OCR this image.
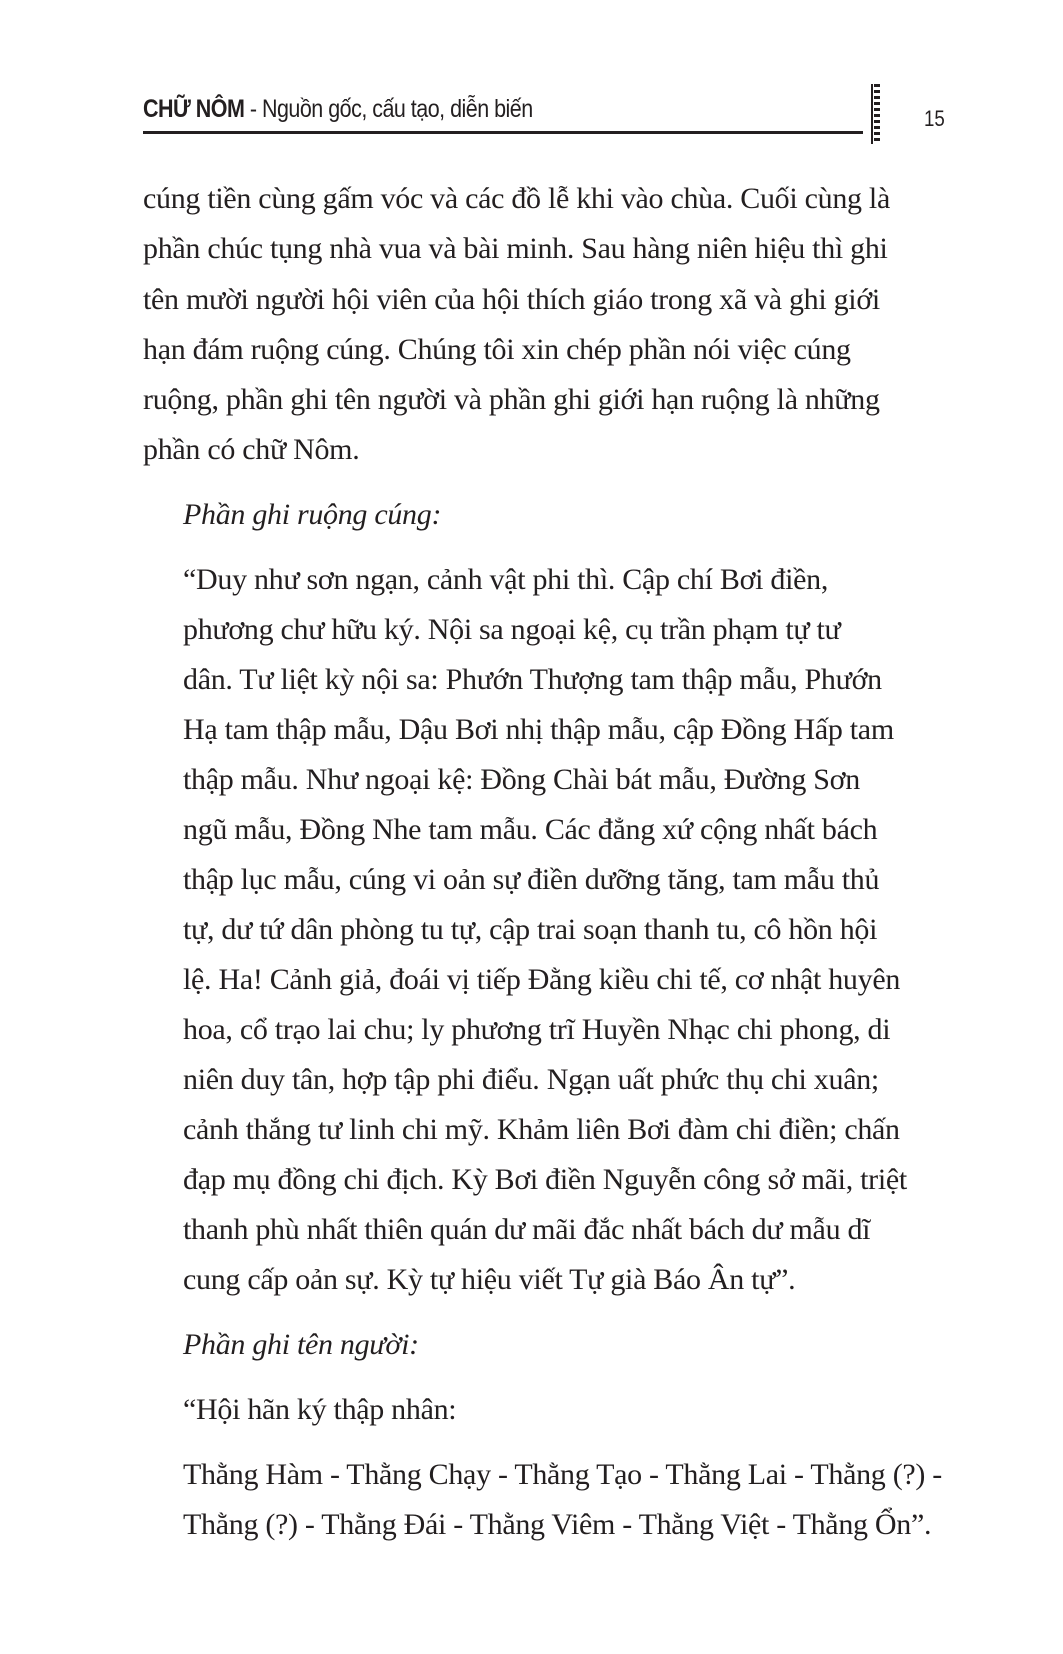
CHỮ NÔM - Nguồn gốc, cấu tạo, diễn biến	15
cúng tiền cùng gấm vóc và các đồ lễ khi vào chùa. Cuối cùng là
phần chúc tụng nhà vua và bài minh. Sau hàng niên hiệu thì ghi
tên mười người hội viên của hội thích giáo trong xã và ghi giới
hạn đám ruộng cúng. Chúng tôi xin chép phần nói việc cúng
ruộng, phần ghi tên người và phần ghi giới hạn ruộng là những
phần có chữ Nôm.
Phần ghi ruộng cúng:
“Duy như sơn ngạn, cảnh vật phi thì. Cập chí Bơi điền,
phương chư hữu ký. Nội sa ngoại kệ, cụ trần phạm tự tư
dân. Tư liệt kỳ nội sa: Phướn Thượng tam thập mẫu, Phướn
Hạ tam thập mẫu, Dậu Bơi nhị thập mẫu, cập Đồng Hấp tam
thập mẫu. Như ngoại kệ: Đồng Chài bát mẫu, Đường Sơn
ngũ mẫu, Đồng Nhe tam mẫu. Các đẳng xứ cộng nhất bách
thập lục mẫu, cúng vi oản sự điền dưỡng tăng, tam mẫu thủ
tự, dư tứ dân phòng tu tự, cập trai soạn thanh tu, cô hồn hội
lệ. Ha! Cảnh giả, đoái vị tiếp Đằng kiều chi tế, cơ nhật huyên
hoa, cổ trạo lai chu; ly phương trĩ Huyền Nhạc chi phong, di
niên duy tân, hợp tập phi điểu. Ngạn uất phức thụ chi xuân;
cảnh thắng tư linh chi mỹ. Khảm liên Bơi đàm chi điền; chấn
đạp mụ đồng chi địch. Kỳ Bơi điền Nguyễn công sở mãi, triệt
thanh phù nhất thiên quán dư mãi đắc nhất bách dư mẫu dĩ
cung cấp oản sự. Kỳ tự hiệu viết Tự già Báo Ân tự”.
Phần ghi tên người:
“Hội hãn ký thập nhân:
Thằng Hàm - Thằng Chạy - Thằng Tạo - Thằng Lai - Thằng (?) -
Thằng (?) - Thằng Đái - Thằng Viêm - Thằng Việt - Thằng Ổn”.
